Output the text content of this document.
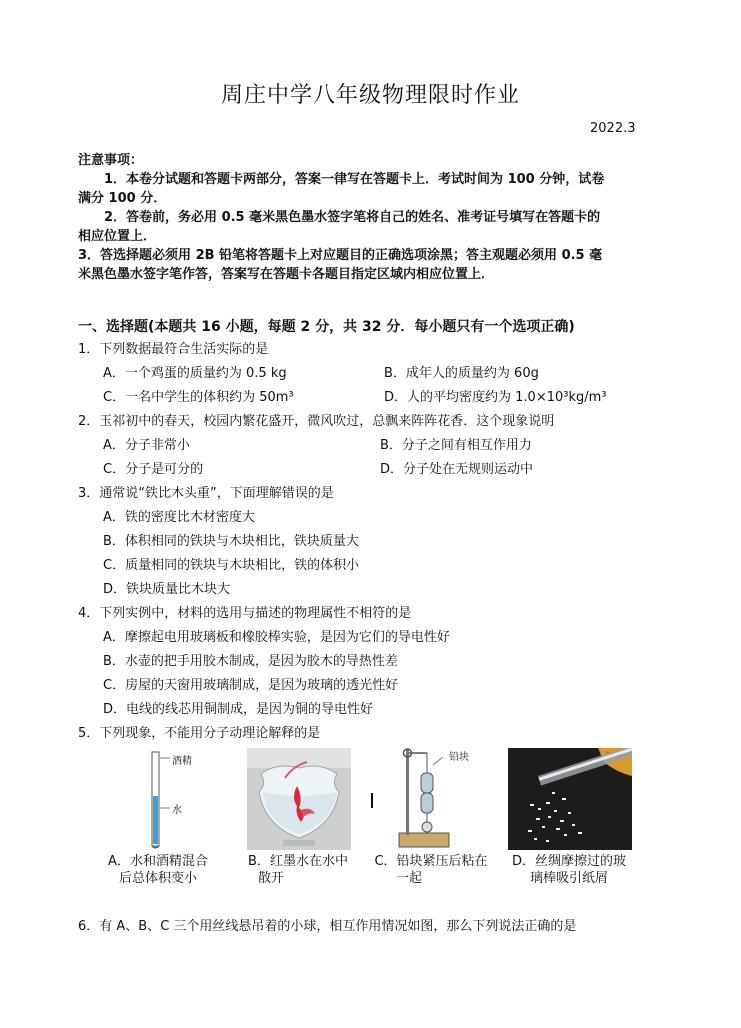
周庄中学八年级物理限时作业
2022.3
注意事项：
1．本卷分试题和答题卡两部分，答案一律写在答题卡上．考试时间为 100 分钟，试卷
满分 100 分．
2．答卷前，务必用 0.5 毫米黑色墨水签字笔将自己的姓名、准考证号填写在答题卡的
相应位置上．
3．答选择题必须用 2B 铅笔将答题卡上对应题目的正确选项涂黑；答主观题必须用 0.5 毫
米黑色墨水签字笔作答，答案写在答题卡各题目指定区域内相应位置上．
一、选择题(本题共 16 小题，每题 2 分，共 32 分．每小题只有一个选项正确)
1．下列数据最符合生活实际的是
A．一个鸡蛋的质量约为 0.5 kg	B．成年人的质量约为 60g
C．一名中学生的体积约为 50m³	D．人的平均密度约为 1.0×10³kg/m³
2．玉祁初中的春天，校园内繁花盛开，微风吹过，总飘来阵阵花香．这个现象说明
A．分子非常小	B．分子之间有相互作用力
C．分子是可分的	D．分子处在无规则运动中
3．通常说“铁比木头重”，下面理解错误的是
A．铁的密度比木材密度大
B．体积相同的铁块与木块相比，铁块质量大
C．质量相同的铁块与木块相比，铁的体积小
D．铁块质量比木块大
4．下列实例中，材料的选用与描述的物理属性不相符的是
A．摩擦起电用玻璃板和橡胶棒实验，是因为它们的导电性好
B．水壶的把手用胶木制成，是因为胶木的导热性差
C．房屋的天窗用玻璃制成，是因为玻璃的透光性好
D．电线的线芯用铜制成，是因为铜的导电性好
5．下列现象，不能用分子动理论解释的是
酒精
水
铅块
A．水和酒精混合
后总体积变小
B．红墨水在水中
散开
C．铅块紧压后粘在
一起
D．丝绸摩擦过的玻
璃棒吸引纸屑
6．有 A、B、C 三个用丝线悬吊着的小球，相互作用情况如图，那么下列说法正确的是
